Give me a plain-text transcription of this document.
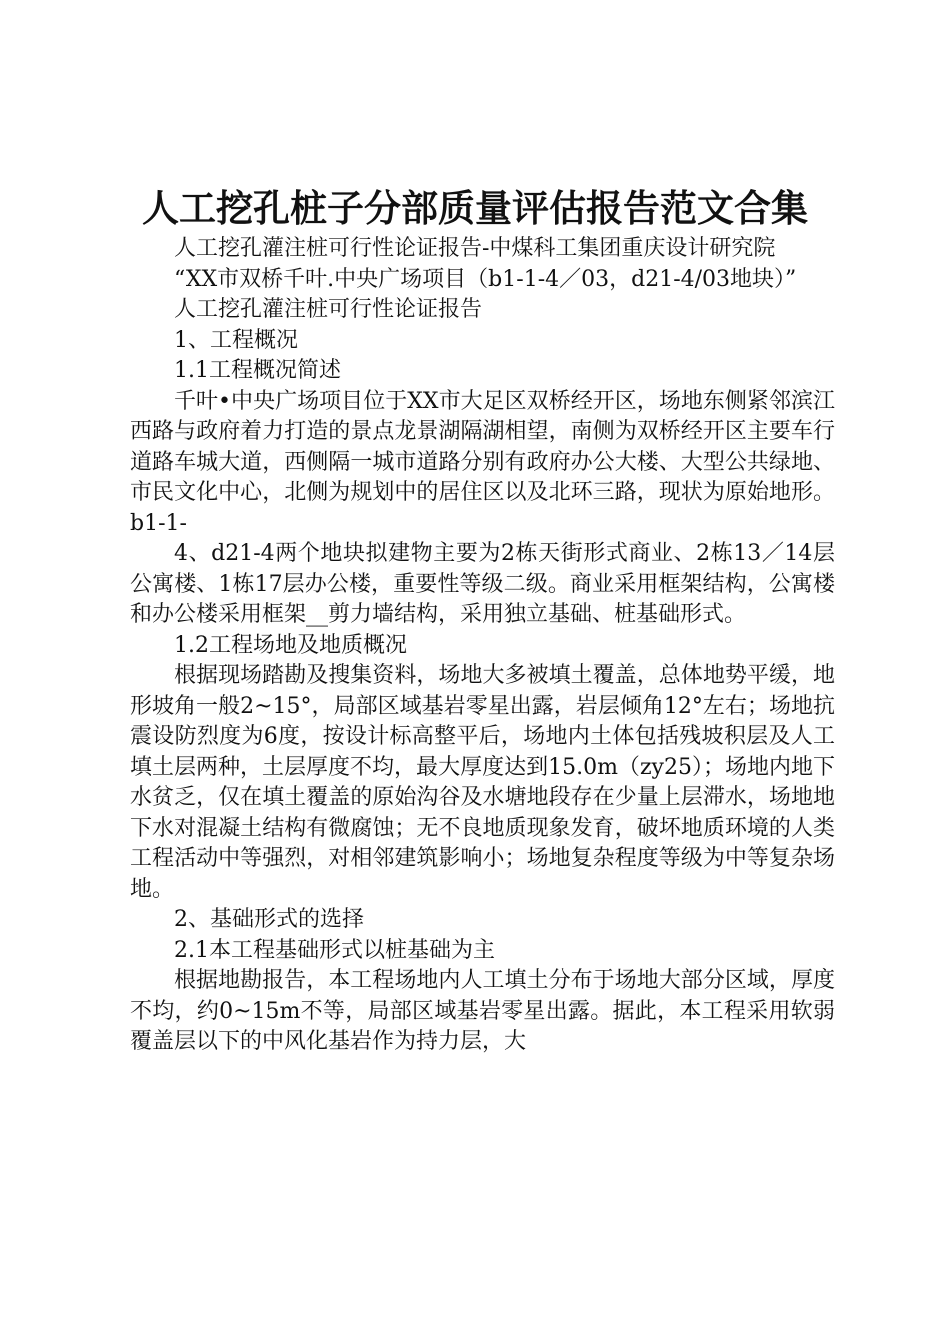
人工挖孔桩子分部质量评估报告范文合集

人工挖孔灌注桩可行性论证报告-中煤科工集团重庆设计研究院

“XX市双桥千叶.中央广场项目（b1-1-4／03，d21-4/03地块）”

人工挖孔灌注桩可行性论证报告

1、工程概况

1.1工程概况简述

千叶•中央广场项目位于XX市大足区双桥经开区，场地东侧紧邻滨江西路与政府着力打造的景点龙景湖隔湖相望，南侧为双桥经开区主要车行道路车城大道，西侧隔一城市道路分别有政府办公大楼、大型公共绿地、市民文化中心，北侧为规划中的居住区以及北环三路，现状为原始地形。b1-1-

4、d21-4两个地块拟建物主要为2栋天街形式商业、2栋13／14层公寓楼、1栋17层办公楼，重要性等级二级。商业采用框架结构，公寓楼和办公楼采用框架__剪力墙结构，采用独立基础、桩基础形式。

1.2工程场地及地质概况

根据现场踏勘及搜集资料，场地大多被填土覆盖，总体地势平缓，地形坡角一般2~15°，局部区域基岩零星出露，岩层倾角12°左右；场地抗震设防烈度为6度，按设计标高整平后，场地内土体包括残坡积层及人工填土层两种，土层厚度不均，最大厚度达到15.0m（zy25）；场地内地下水贫乏，仅在填土覆盖的原始沟谷及水塘地段存在少量上层滞水，场地地下水对混凝土结构有微腐蚀；无不良地质现象发育，破坏地质环境的人类工程活动中等强烈，对相邻建筑影响小；场地复杂程度等级为中等复杂场地。

2、基础形式的选择

2.1本工程基础形式以桩基础为主

根据地勘报告，本工程场地内人工填土分布于场地大部分区域，厚度不均，约0~15m不等，局部区域基岩零星出露。据此，本工程采用软弱覆盖层以下的中风化基岩作为持力层，大
